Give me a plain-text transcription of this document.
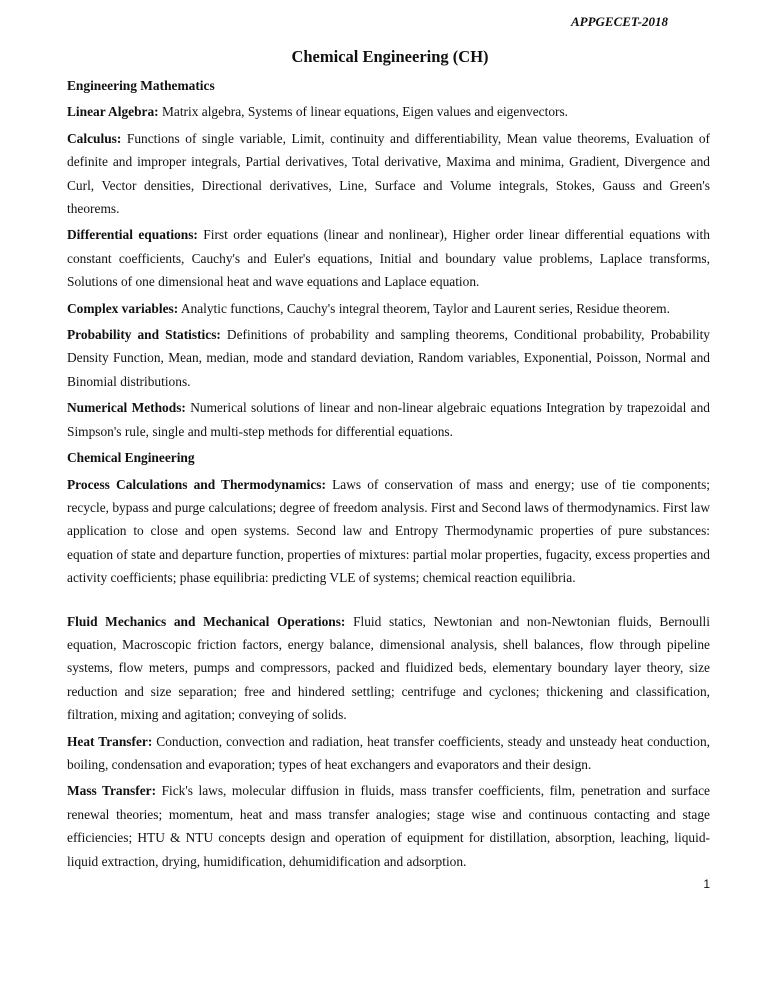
APPGECET-2018
Chemical Engineering (CH)
Engineering Mathematics
Linear Algebra: Matrix algebra, Systems of linear equations, Eigen values and eigenvectors.
Calculus: Functions of single variable, Limit, continuity and differentiability, Mean value theorems, Evaluation of definite and improper integrals, Partial derivatives, Total derivative, Maxima and minima, Gradient, Divergence and Curl, Vector densities, Directional derivatives, Line, Surface and Volume integrals, Stokes, Gauss and Green's theorems.
Differential equations: First order equations (linear and nonlinear), Higher order linear differential equations with constant coefficients, Cauchy's and Euler's equations, Initial and boundary value problems, Laplace transforms, Solutions of one dimensional heat and wave equations and Laplace equation.
Complex variables: Analytic functions, Cauchy's integral theorem, Taylor and Laurent series, Residue theorem.
Probability and Statistics: Definitions of probability and sampling theorems, Conditional probability, Probability Density Function, Mean, median, mode and standard deviation, Random variables, Exponential, Poisson, Normal and Binomial distributions.
Numerical Methods: Numerical solutions of linear and non-linear algebraic equations Integration by trapezoidal and Simpson's rule, single and multi-step methods for differential equations.
Chemical Engineering
Process Calculations and Thermodynamics: Laws of conservation of mass and energy; use of tie components; recycle, bypass and purge calculations; degree of freedom analysis. First and Second laws of thermodynamics. First law application to close and open systems. Second law and Entropy Thermodynamic properties of pure substances: equation of state and departure function, properties of mixtures: partial molar properties, fugacity, excess properties and activity coefficients; phase equilibria: predicting VLE of systems; chemical reaction equilibria.
Fluid Mechanics and Mechanical Operations: Fluid statics, Newtonian and non-Newtonian fluids, Bernoulli equation, Macroscopic friction factors, energy balance, dimensional analysis, shell balances, flow through pipeline systems, flow meters, pumps and compressors, packed and fluidized beds, elementary boundary layer theory, size reduction and size separation; free and hindered settling; centrifuge and cyclones; thickening and classification, filtration, mixing and agitation; conveying of solids.
Heat Transfer: Conduction, convection and radiation, heat transfer coefficients, steady and unsteady heat conduction, boiling, condensation and evaporation; types of heat exchangers and evaporators and their design.
Mass Transfer: Fick's laws, molecular diffusion in fluids, mass transfer coefficients, film, penetration and surface renewal theories; momentum, heat and mass transfer analogies; stage wise and continuous contacting and stage efficiencies; HTU & NTU concepts design and operation of equipment for distillation, absorption, leaching, liquid-liquid extraction, drying, humidification, dehumidification and adsorption.
1
